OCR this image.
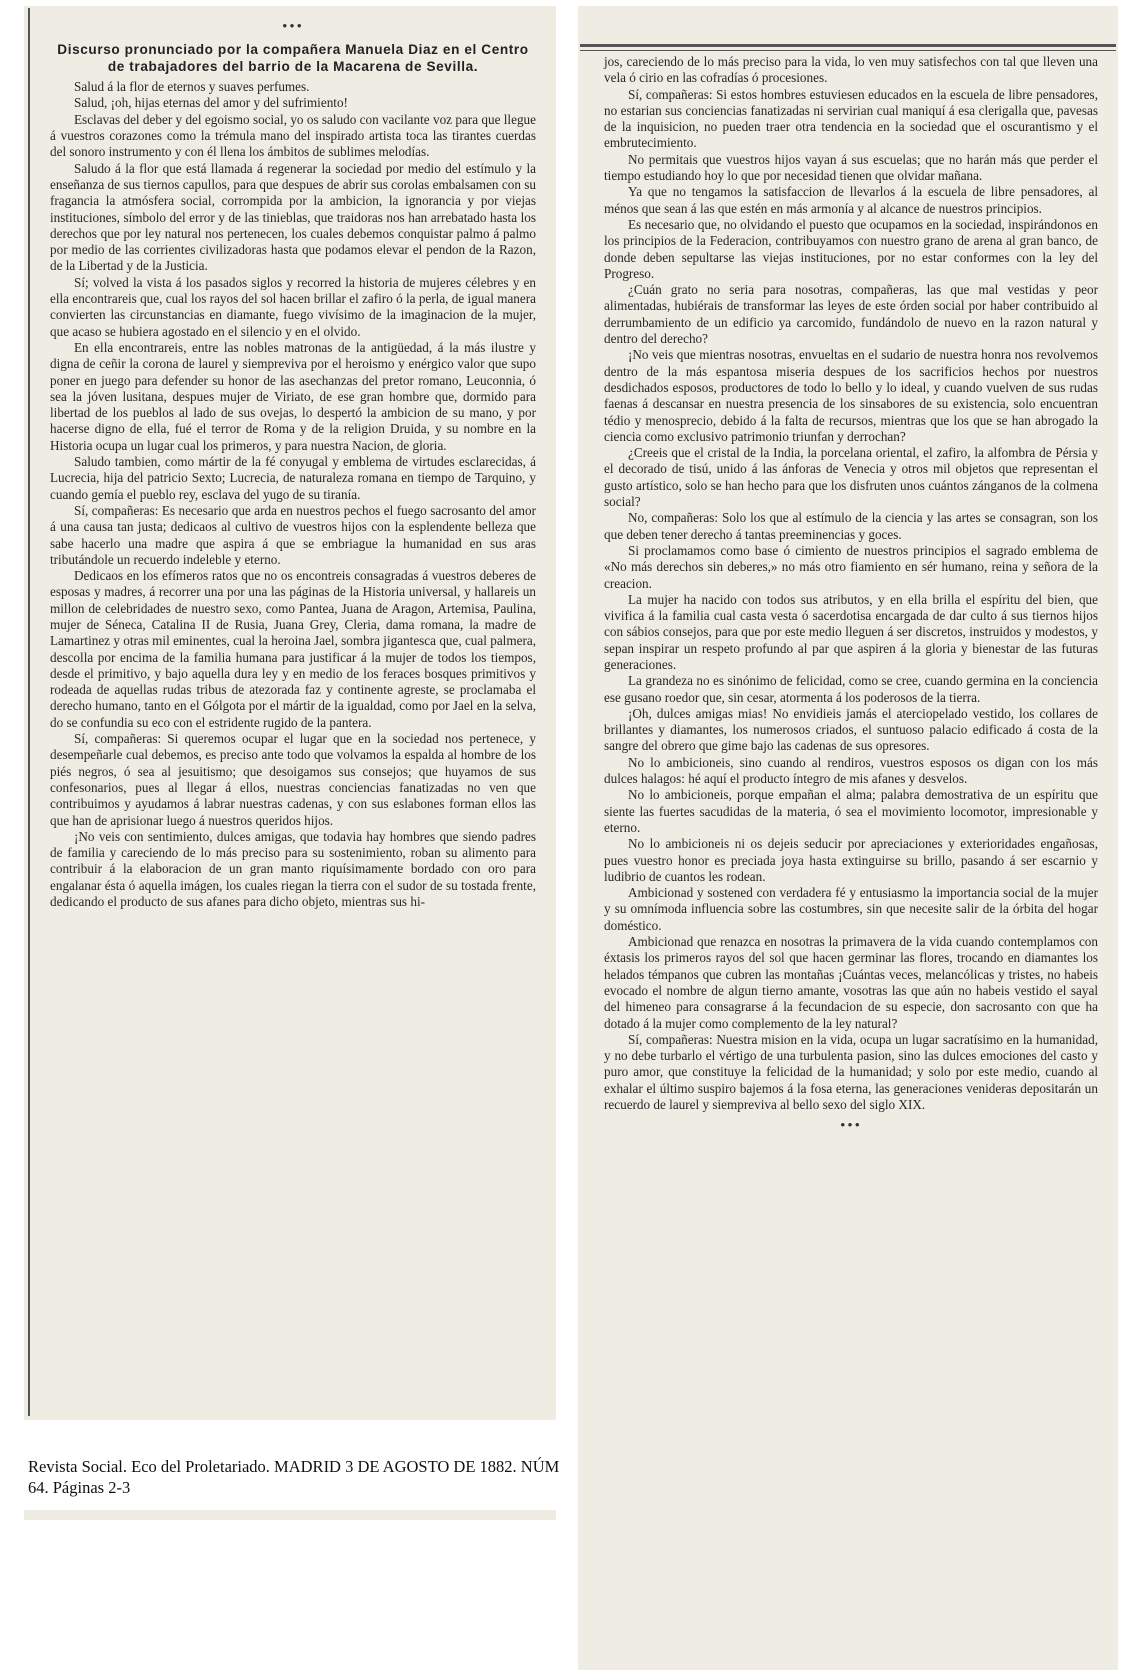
•••
Discurso pronunciado por la compañera Manuela Diaz en el Centro de trabajadores del barrio de la Macarena de Sevilla.

Salud á la flor de eternos y suaves perfumes.

Salud, ¡oh, hijas eternas del amor y del sufrimiento!

Esclavas del deber y del egoismo social, yo os saludo con vacilante voz para que llegue á vuestros corazones como la trémula mano del inspirado artista toca las tirantes cuerdas del sonoro instrumento y con él llena los ámbitos de sublimes melodías.

Saludo á la flor que está llamada á regenerar la sociedad por medio del estímulo y la enseñanza de sus tiernos capullos, para que despues de abrir sus corolas embalsamen con su fragancia la atmósfera social, corrompida por la ambicion, la ignorancia y por viejas instituciones, símbolo del error y de las tinieblas, que traidoras nos han arrebatado hasta los derechos que por ley natural nos pertenecen, los cuales debemos conquistar palmo á palmo por medio de las corrientes civilizadoras hasta que podamos elevar el pendon de la Razon, de la Libertad y de la Justicia.

Sí; volved la vista á los pasados siglos y recorred la historia de mujeres célebres y en ella encontrareis que, cual los rayos del sol hacen brillar el zafiro ó la perla, de igual manera convierten las circunstancias en diamante, fuego vivísimo de la imaginacion de la mujer, que acaso se hubiera agostado en el silencio y en el olvido.

En ella encontrareis, entre las nobles matronas de la antigüedad, á la más ilustre y digna de ceñir la corona de laurel y siempreviva por el heroismo y enérgico valor que supo poner en juego para defender su honor de las asechanzas del pretor romano, Leuconnia, ó sea la jóven lusitana, despues mujer de Viriato, de ese gran hombre que, dormido para libertad de los pueblos al lado de sus ovejas, lo despertó la ambicion de su mano, y por hacerse digno de ella, fué el terror de Roma y de la religion Druida, y su nombre en la Historia ocupa un lugar cual los primeros, y para nuestra Nacion, de gloria.

Saludo tambien, como mártir de la fé conyugal y emblema de virtudes esclarecidas, á Lucrecia, hija del patricio Sexto; Lucrecia, de naturaleza romana en tiempo de Tarquino, y cuando gemía el pueblo rey, esclava del yugo de su tiranía.

Sí, compañeras: Es necesario que arda en nuestros pechos el fuego sacrosanto del amor á una causa tan justa; dedicaos al cultivo de vuestros hijos con la esplendente belleza que sabe hacerlo una madre que aspira á que se embriague la humanidad en sus aras tributándole un recuerdo indeleble y eterno.

Dedicaos en los efímeros ratos que no os encontreis consagradas á vuestros deberes de esposas y madres, á recorrer una por una las páginas de la Historia universal, y hallareis un millon de celebridades de nuestro sexo, como Pantea, Juana de Aragon, Artemisa, Paulina, mujer de Séneca, Catalina II de Rusia, Juana Grey, Cleria, dama romana, la madre de Lamartinez y otras mil eminentes, cual la heroina Jael, sombra jigantesca que, cual palmera, descolla por encima de la familia humana para justificar á la mujer de todos los tiempos, desde el primitivo, y bajo aquella dura ley y en medio de los feraces bosques primitivos y rodeada de aquellas rudas tribus de atezorada faz y continente agreste, se proclamaba el derecho humano, tanto en el Gólgota por el mártir de la igualdad, como por Jael en la selva, do se confundia su eco con el estridente rugido de la pantera.

Sí, compañeras: Si queremos ocupar el lugar que en la sociedad nos pertenece, y desempeñarle cual debemos, es preciso ante todo que volvamos la espalda al hombre de los piés negros, ó sea al jesuitismo; que desoigamos sus consejos; que huyamos de sus confesonarios, pues al llegar á ellos, nuestras conciencias fanatizadas no ven que contribuimos y ayudamos á labrar nuestras cadenas, y con sus eslabones forman ellos las que han de aprisionar luego á nuestros queridos hijos.

¡No veis con sentimiento, dulces amigas, que todavia hay hombres que siendo padres de familia y careciendo de lo más preciso para su sostenimiento, roban su alimento para contribuir á la elaboracion de un gran manto riquísimamente bordado con oro para engalanar ésta ó aquella imágen, los cuales riegan la tierra con el sudor de su tostada frente, dedicando el producto de sus afanes para dicho objeto, mientras sus hi-

jos, careciendo de lo más preciso para la vida, lo ven muy satisfechos con tal que lleven una vela ó cirio en las cofradías ó procesiones.

Sí, compañeras: Si estos hombres estuviesen educados en la escuela de libre pensadores, no estarian sus conciencias fanatizadas ni servirian cual maniquí á esa clerigalla que, pavesas de la inquisicion, no pueden traer otra tendencia en la sociedad que el oscurantismo y el embrutecimiento.

No permitais que vuestros hijos vayan á sus escuelas; que no harán más que perder el tiempo estudiando hoy lo que por necesidad tienen que olvidar mañana.

Ya que no tengamos la satisfaccion de llevarlos á la escuela de libre pensadores, al ménos que sean á las que estén en más armonía y al alcance de nuestros principios.

Es necesario que, no olvidando el puesto que ocupamos en la sociedad, inspirándonos en los principios de la Federacion, contribuyamos con nuestro grano de arena al gran banco, de donde deben sepultarse las viejas instituciones, por no estar conformes con la ley del Progreso.

¿Cuán grato no seria para nosotras, compañeras, las que mal vestidas y peor alimentadas, hubiérais de transformar las leyes de este órden social por haber contribuido al derrumbamiento de un edificio ya carcomido, fundándolo de nuevo en la razon natural y dentro del derecho?

¡No veis que mientras nosotras, envueltas en el sudario de nuestra honra nos revolvemos dentro de la más espantosa miseria despues de los sacrificios hechos por nuestros desdichados esposos, productores de todo lo bello y lo ideal, y cuando vuelven de sus rudas faenas á descansar en nuestra presencia de los sinsabores de su existencia, solo encuentran tédio y menosprecio, debido á la falta de recursos, mientras que los que se han abrogado la ciencia como exclusivo patrimonio triunfan y derrochan?

¿Creeis que el cristal de la India, la porcelana oriental, el zafiro, la alfombra de Pérsia y el decorado de tisú, unido á las ánforas de Venecia y otros mil objetos que representan el gusto artístico, solo se han hecho para que los disfruten unos cuántos zánganos de la colmena social?

No, compañeras: Solo los que al estímulo de la ciencia y las artes se consagran, son los que deben tener derecho á tantas preeminencias y goces.

Si proclamamos como base ó cimiento de nuestros principios el sagrado emblema de «No más derechos sin deberes,» no más otro fiamiento en sér humano, reina y señora de la creacion.

La mujer ha nacido con todos sus atributos, y en ella brilla el espíritu del bien, que vivifica á la familia cual casta vesta ó sacerdotisa encargada de dar culto á sus tiernos hijos con sábios consejos, para que por este medio lleguen á ser discretos, instruidos y modestos, y sepan inspirar un respeto profundo al par que aspiren á la gloria y bienestar de las futuras generaciones.

La grandeza no es sinónimo de felicidad, como se cree, cuando germina en la conciencia ese gusano roedor que, sin cesar, atormenta á los poderosos de la tierra.

¡Oh, dulces amigas mias! No envidieis jamás el aterciopelado vestido, los collares de brillantes y diamantes, los numerosos criados, el suntuoso palacio edificado á costa de la sangre del obrero que gime bajo las cadenas de sus opresores.

No lo ambicioneis, sino cuando al rendiros, vuestros esposos os digan con los más dulces halagos: hé aquí el producto íntegro de mis afanes y desvelos.

No lo ambicioneis, porque empañan el alma; palabra demostrativa de un espíritu que siente las fuertes sacudidas de la materia, ó sea el movimiento locomotor, impresionable y eterno.

No lo ambicioneis ni os dejeis seducir por apreciaciones y exterioridades engañosas, pues vuestro honor es preciada joya hasta extinguirse su brillo, pasando á ser escarnio y ludibrio de cuantos les rodean.

Ambicionad y sostened con verdadera fé y entusiasmo la importancia social de la mujer y su omnímoda influencia sobre las costumbres, sin que necesite salir de la órbita del hogar doméstico.

Ambicionad que renazca en nosotras la primavera de la vida cuando contemplamos con éxtasis los primeros rayos del sol que hacen germinar las flores, trocando en diamantes los helados témpanos que cubren las montañas ¡Cuántas veces, melancólicas y tristes, no habeis evocado el nombre de algun tierno amante, vosotras las que aún no habeis vestido el sayal del himeneo para consagrarse á la fecundacion de su especie, don sacrosanto con que ha dotado á la mujer como complemento de la ley natural?

Sí, compañeras: Nuestra mision en la vida, ocupa un lugar sacratísimo en la humanidad, y no debe turbarlo el vértigo de una turbulenta pasion, sino las dulces emociones del casto y puro amor, que constituye la felicidad de la humanidad; y solo por este medio, cuando al exhalar el último suspiro bajemos á la fosa eterna, las generaciones venideras depositarán un recuerdo de laurel y siempreviva al bello sexo del siglo XIX.

•••
Revista Social. Eco del Proletariado. MADRID 3 DE AGOSTO DE 1882. NÚM 64. Páginas 2-3
